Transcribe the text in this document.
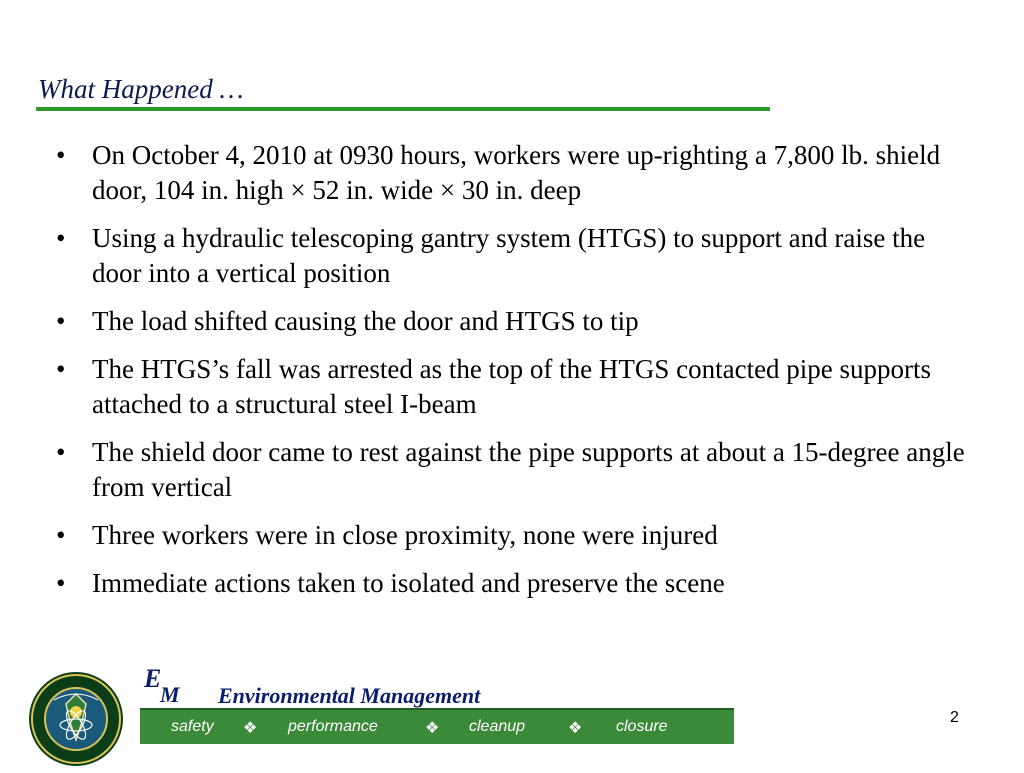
What Happened …
• On October 4, 2010 at 0930 hours, workers were up-righting a 7,800 lb. shield door, 104 in. high × 52 in. wide × 30 in. deep
• Using a hydraulic telescoping gantry system (HTGS) to support and raise the door into a vertical position
• The load shifted causing the door and HTGS to tip
• The HTGS’s fall was arrested as the top of the HTGS contacted pipe supports attached to a structural steel I-beam
• The shield door came to rest against the pipe supports at about a 15-degree angle from vertical
• Three workers were in close proximity, none were injured
• Immediate actions taken to isolated and preserve the scene
E
M Environmental Management
safety ❖ performance	❖ cleanup	❖ closure
2
